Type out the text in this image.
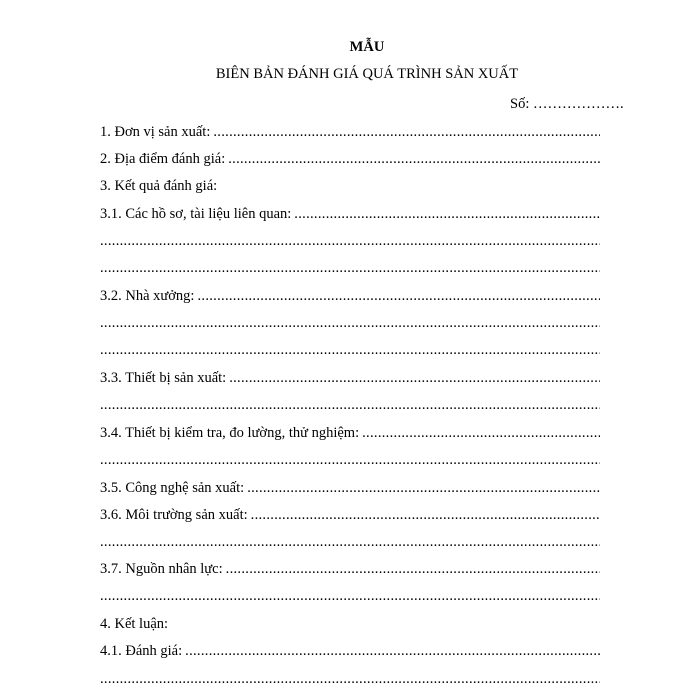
MẪU
BIÊN BẢN ĐÁNH GIÁ QUÁ TRÌNH SẢN XUẤT
Số: ……………….
1. Đơn vị sản xuất:
.....
2. Địa điểm đánh giá:
.....
3. Kết quả đánh giá:
3.1. Các hồ sơ, tài liệu liên quan:
.....
.....
.....
3.2. Nhà xưởng:
.....
.....
.....
3.3. Thiết bị sản xuất:
.....
.....
3.4. Thiết bị kiểm tra, đo lường, thử nghiệm:
.....
.....
3.5. Công nghệ sản xuất:
.....
3.6. Môi trường sản xuất:
.....
.....
3.7. Nguồn nhân lực:
.....
.....
4. Kết luận:
4.1. Đánh giá:
.....
.....
